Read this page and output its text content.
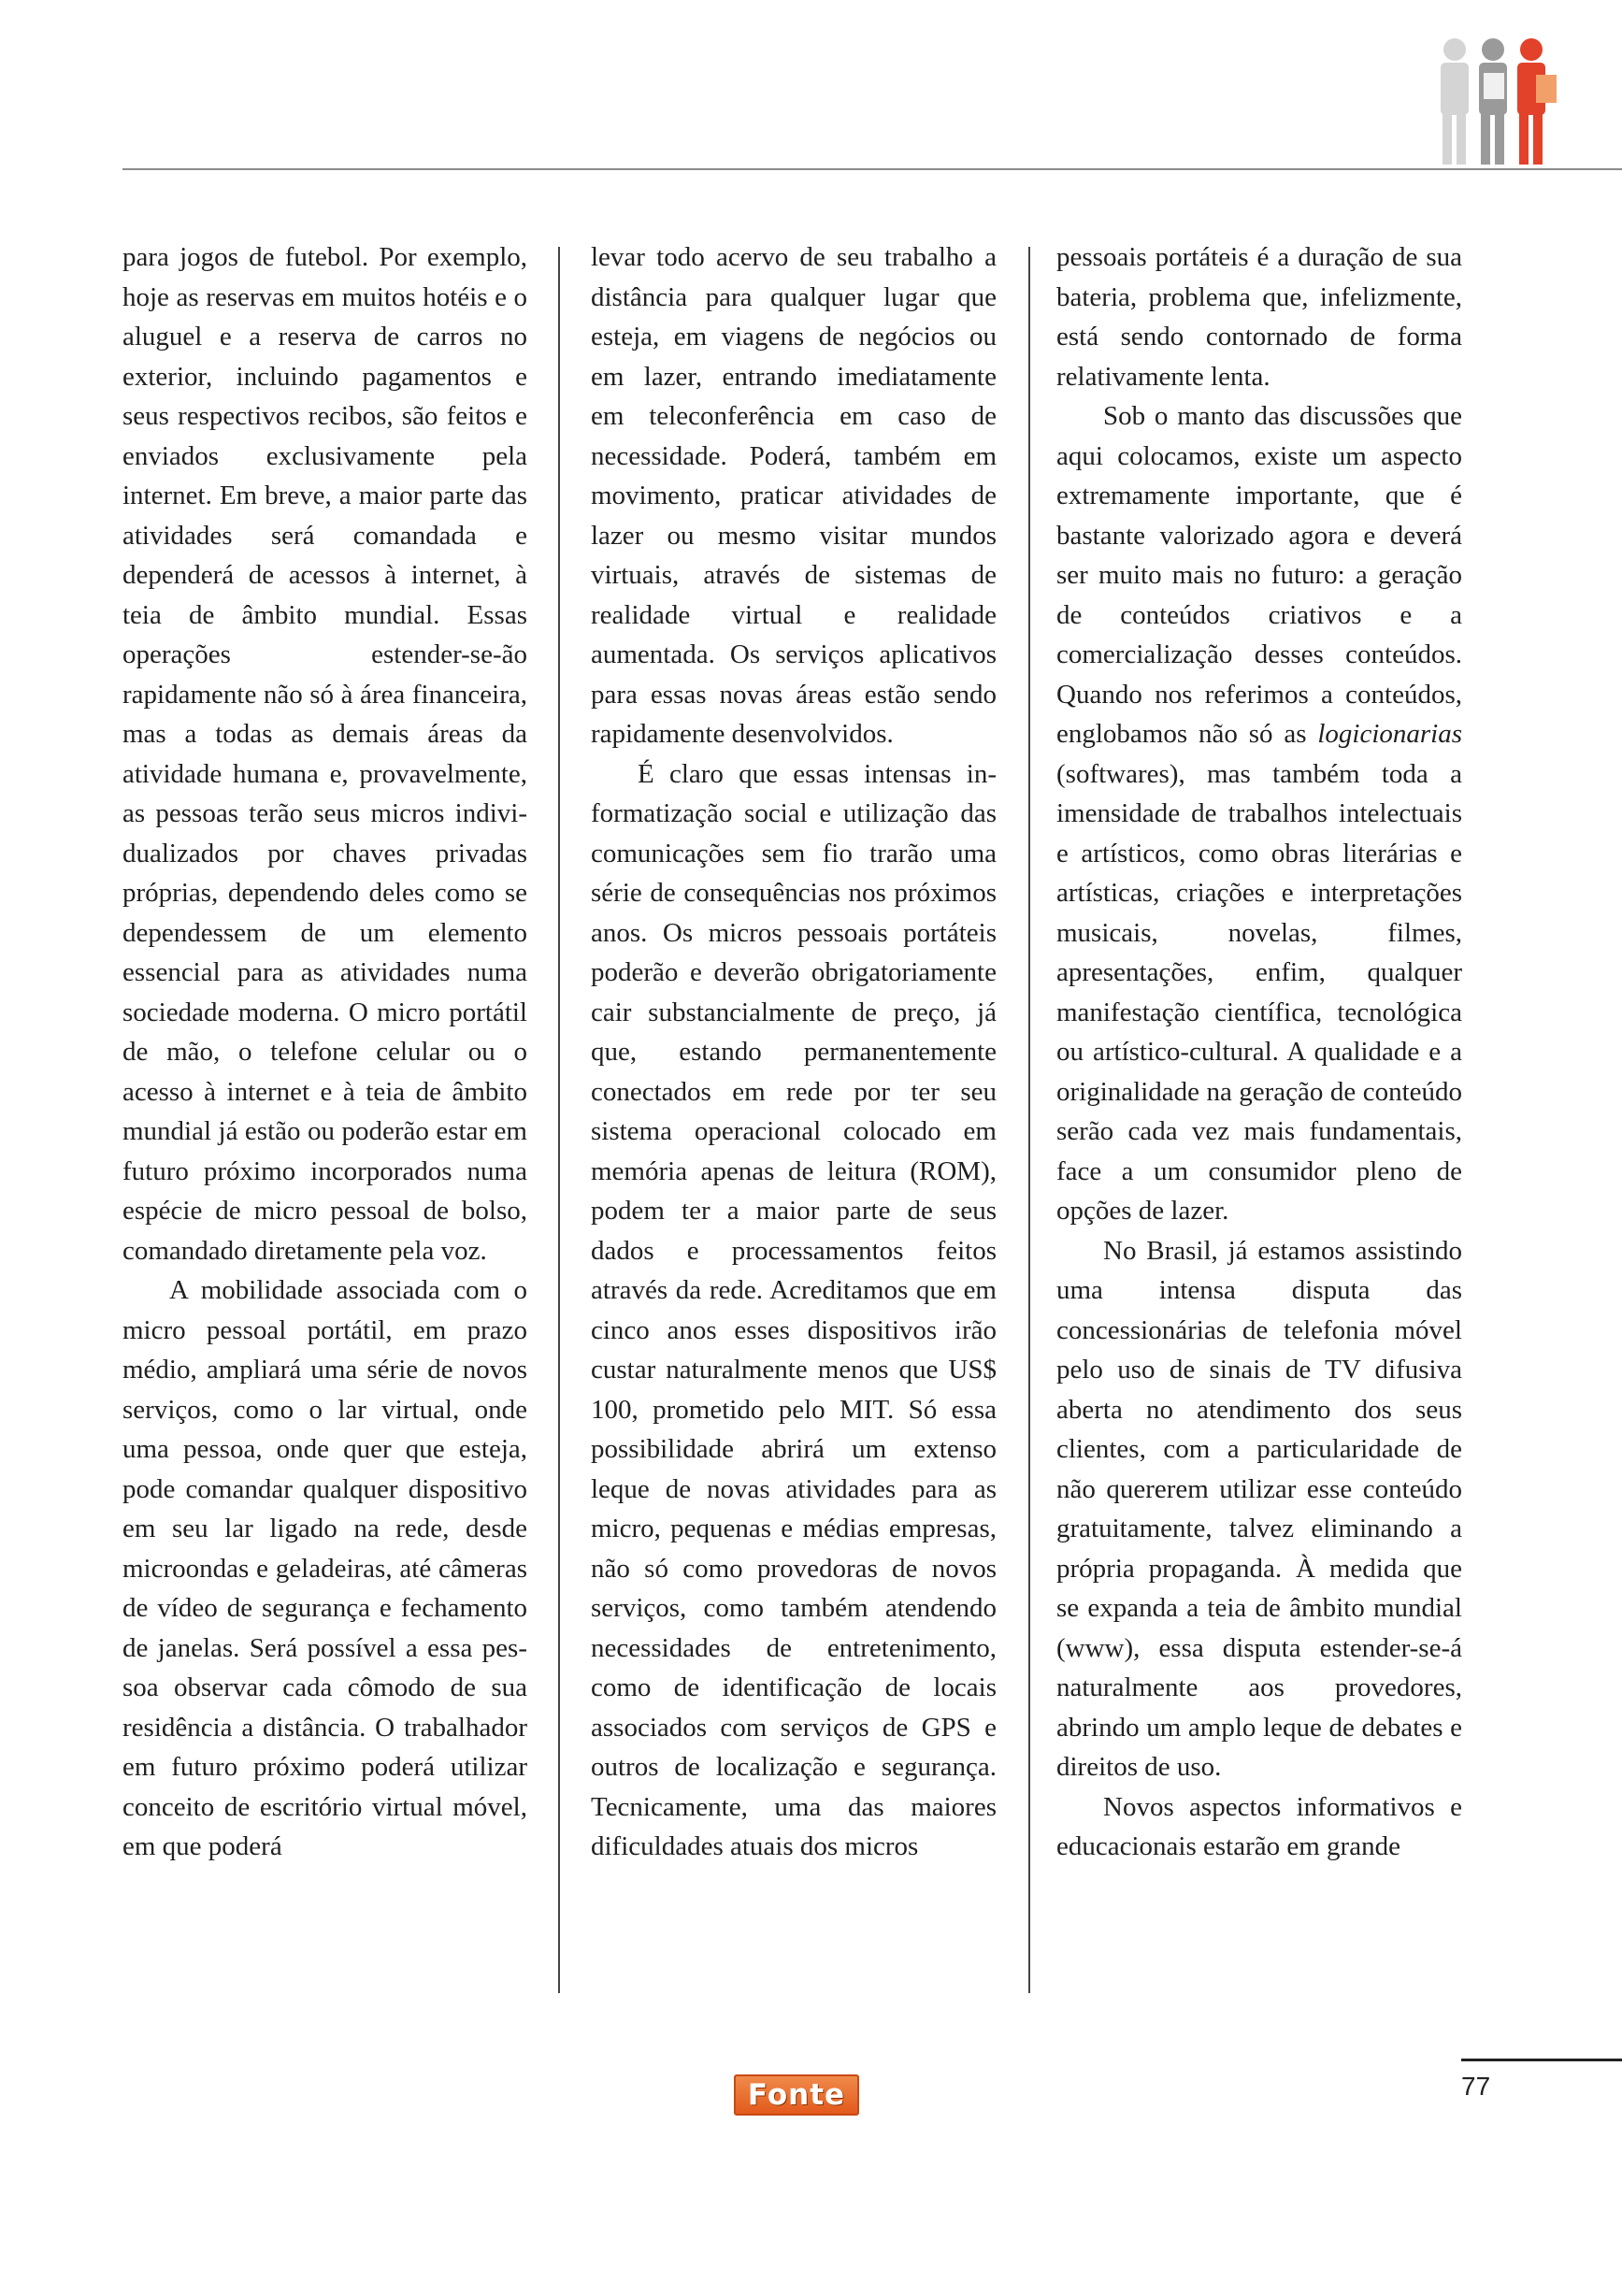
para jogos de futebol. Por exemplo, hoje as reservas em muitos hotéis e o aluguel e a reserva de carros no exterior, incluindo pagamentos e seus respectivos recibos, são feitos e enviados exclusivamente pela internet. Em breve, a maior parte das atividades será comandada e dependerá de acessos à internet, à teia de âmbito mundial. Essas operações estender-se-ão rapidamente não só à área financeira, mas a todas as demais áreas da atividade humana e, provavelmente, as pessoas terão seus micros individualizados por chaves privadas próprias, dependendo deles como se dependessem de um elemento essencial para as atividades numa sociedade moderna. O micro portátil de mão, o telefone celular ou o acesso à internet e à teia de âmbito mundial já estão ou poderão estar em futuro próximo incorporados numa espécie de micro pessoal de bolso, comandado diretamente pela voz.

A mobilidade associada com o micro pessoal portátil, em prazo médio, ampliará uma série de novos serviços, como o lar virtual, onde uma pessoa, onde quer que esteja, pode comandar qualquer dispositivo em seu lar ligado na rede, desde microondas e geladeiras, até câmeras de vídeo de segurança e fechamento de janelas. Será possível a essa pessoa observar cada cômodo de sua residência a distância. O trabalhador em futuro próximo poderá utilizar conceito de escritório virtual móvel, em que poderá

levar todo acervo de seu trabalho a distância para qualquer lugar que esteja, em viagens de negócios ou em lazer, entrando imediatamente em teleconferência em caso de necessidade. Poderá, também em movimento, praticar atividades de lazer ou mesmo visitar mundos virtuais, através de sistemas de realidade virtual e realidade aumentada. Os serviços aplicativos para essas novas áreas estão sendo rapidamente desenvolvidos.

É claro que essas intensas informatização social e utilização das comunicações sem fio trarão uma série de consequências nos próximos anos. Os micros pessoais portáteis poderão e deverão obrigatoriamente cair substancialmente de preço, já que, estando permanentemente conectados em rede por ter seu sistema operacional colocado em memória apenas de leitura (ROM), podem ter a maior parte de seus dados e processamentos feitos através da rede. Acreditamos que em cinco anos esses dispositivos irão custar naturalmente menos que US$ 100, prometido pelo MIT. Só essa possibilidade abrirá um extenso leque de novas atividades para as micro, pequenas e médias empresas, não só como provedoras de novos serviços, como também atendendo necessidades de entretenimento, como de identificação de locais associados com serviços de GPS e outros de localização e segurança. Tecnicamente, uma das maiores dificuldades atuais dos micros

pessoais portáteis é a duração de sua bateria, problema que, infelizmente, está sendo contornado de forma relativamente lenta.

Sob o manto das discussões que aqui colocamos, existe um aspecto extremamente importante, que é bastante valorizado agora e deverá ser muito mais no futuro: a geração de conteúdos criativos e a comercialização desses conteúdos. Quando nos referimos a conteúdos, englobamos não só as logicionarias (softwares), mas também toda a imensidade de trabalhos intelectuais e artísticos, como obras literárias e artísticas, criações e interpretações musicais, novelas, filmes, apresentações, enfim, qualquer manifestação científica, tecnológica ou artístico-cultural. A qualidade e a originalidade na geração de conteúdo serão cada vez mais fundamentais, face a um consumidor pleno de opções de lazer.

No Brasil, já estamos assistindo uma intensa disputa das concessionárias de telefonia móvel pelo uso de sinais de TV difusiva aberta no atendimento dos seus clientes, com a particularidade de não quererem utilizar esse conteúdo gratuitamente, talvez eliminando a própria propaganda. À medida que se expanda a teia de âmbito mundial (www), essa disputa estender-se-á naturalmente aos provedores, abrindo um amplo leque de debates e direitos de uso.

Novos aspectos informativos e educacionais estarão em grande

Fonte	77
